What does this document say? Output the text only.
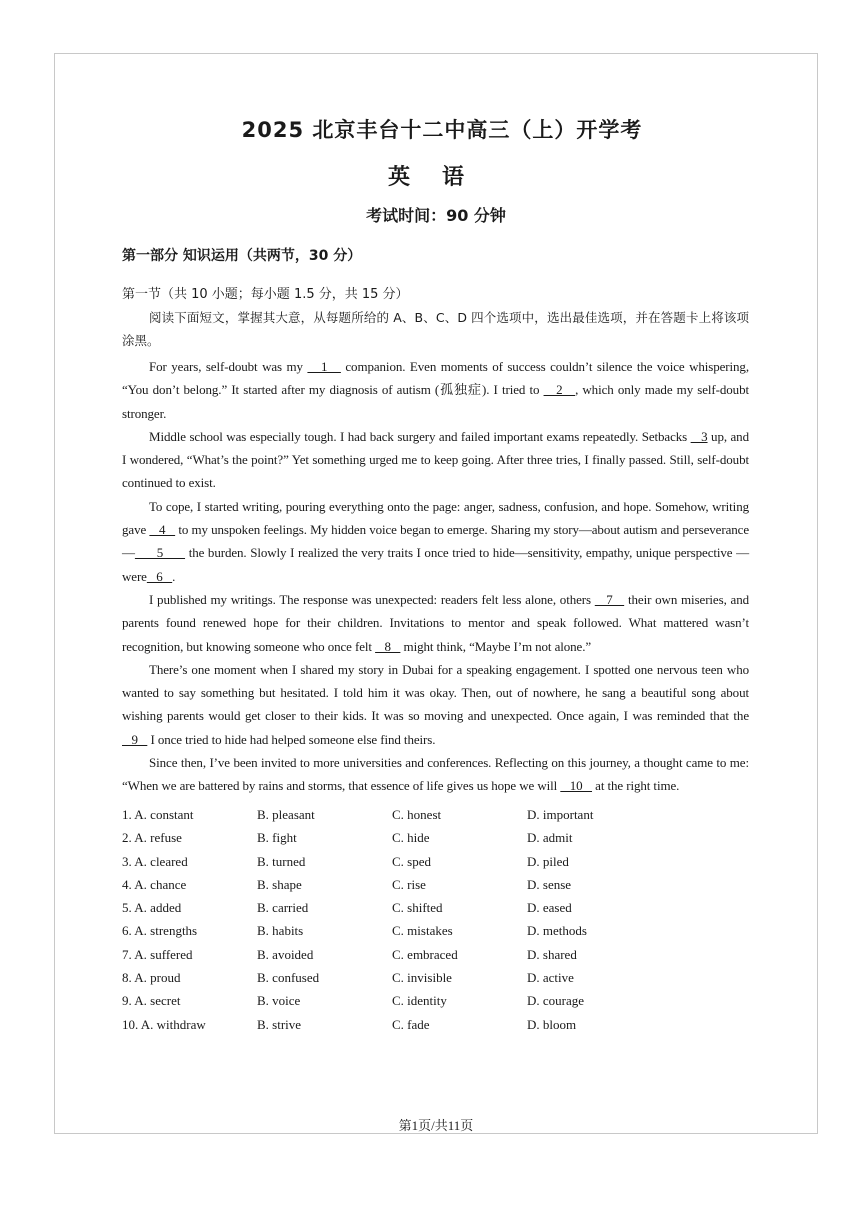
2025 北京丰台十二中高三（上）开学考
英语
考试时间：90 分钟
第一部分 知识运用（共两节，30 分）
第一节（共 10 小题；每小题 1.5 分，共 15 分）

阅读下面短文，掌握其大意，从每题所给的 A、B、C、D 四个选项中，选出最佳选项，并在答题卡上将该项涂黑。

For years, self-doubt was my    1    companion. Even moments of success couldn’t silence the voice whispering, “You don’t belong.” It started after my diagnosis of autism (孤独症). I tried to    2   , which only made my self-doubt stronger.

Middle school was especially tough. I had back surgery and failed important exams repeatedly. Setbacks    3 up, and I wondered, “What’s the point?” Yet something urged me to keep going. After three tries, I finally passed. Still, self-doubt continued to exist.

To cope, I started writing, pouring everything onto the page: anger, sadness, confusion, and hope. Somehow, writing gave    4    to my unspoken feelings. My hidden voice began to emerge. Sharing my story—about autism and perseverance—      5       the burden. Slowly I realized the very traits I once tried to hide—sensitivity, empathy, unique perspective — were   6   .

I published my writings. The response was unexpected: readers felt less alone, others    7    their own miseries, and parents found renewed hope for their children. Invitations to mentor and speak followed. What mattered wasn’t recognition, but knowing someone who once felt    8    might think, “Maybe I’m not alone.”

There’s one moment when I shared my story in Dubai for a speaking engagement. I spotted one nervous teen who wanted to say something but hesitated. I told him it was okay. Then, out of nowhere, he sang a beautiful song about wishing parents would get closer to their kids. It was so moving and unexpected. Once again, I was reminded that the    9    I once tried to hide had helped someone else find theirs.

Since then, I’ve been invited to more universities and conferences. Reflecting on this journey, a thought came to me: “When we are battered by rains and storms, that essence of life gives us hope we will    10    at the right time.

1. A. constant	B. pleasant	C. honest	D. important
2. A. refuse	B. fight	C. hide	D. admit
3. A. cleared	B. turned	C. sped	D. piled
4. A. chance	B. shape	C. rise	D. sense
5. A. added	B. carried	C. shifted	D. eased
6. A. strengths	B. habits	C. mistakes	D. methods
7. A. suffered	B. avoided	C. embraced	D. shared
8. A. proud	B. confused	C. invisible	D. active
9. A. secret	B. voice	C. identity	D. courage
10. A. withdraw	B. strive	C. fade	D. bloom
第1页/共11页
